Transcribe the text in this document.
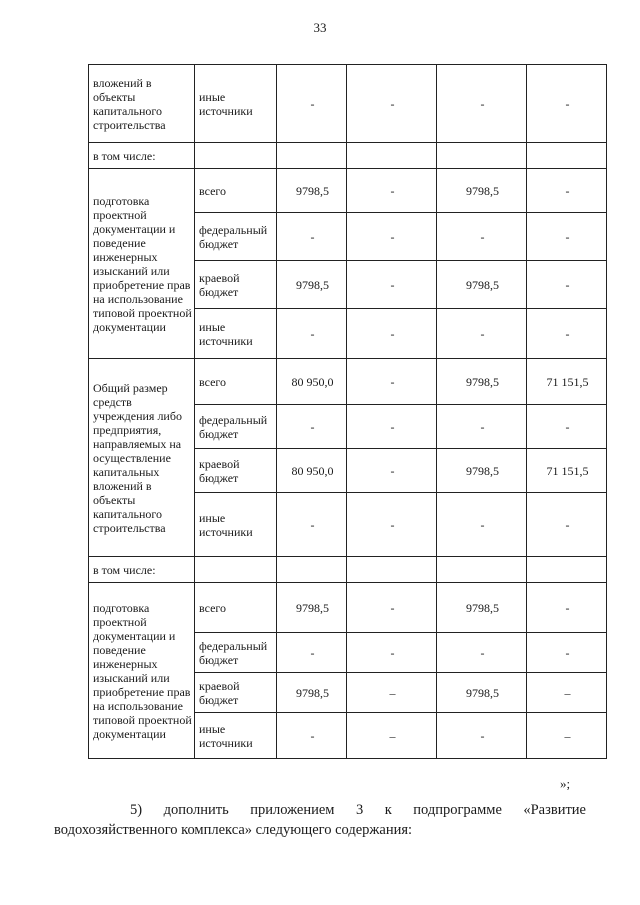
33
вложений в объекты капитального строительства	иные источники	-	-	-	-
в том числе:					
подготовка проектной документации и поведение инженерных изысканий или приобретение прав на использование типовой проектной документации	всего	9798,5	-	9798,5	-
	федеральный бюджет	-	-	-	-
	краевой бюджет	9798,5	-	9798,5	-
	иные источники	-	-	-	-
Общий размер средств учреждения либо предприятия, направляемых на осуществление капитальных вложений в объекты капитального строительства	всего	80 950,0	-	9798,5	71 151,5
	федеральный бюджет	-	-	-	-
	краевой бюджет	80 950,0	-	9798,5	71 151,5
	иные источники	-	-	-	-
в том числе:					
подготовка проектной документации и поведение инженерных изысканий или приобретение прав на использование типовой проектной документации	всего	9798,5	-	9798,5	-
	федеральный бюджет	-	-	-	-
	краевой бюджет	9798,5	–	9798,5	–
	иные источники	-	–	-	–
»;
5) дополнить приложением 3 к подпрограмме «Развитие
водохозяйственного комплекса» следующего содержания:
